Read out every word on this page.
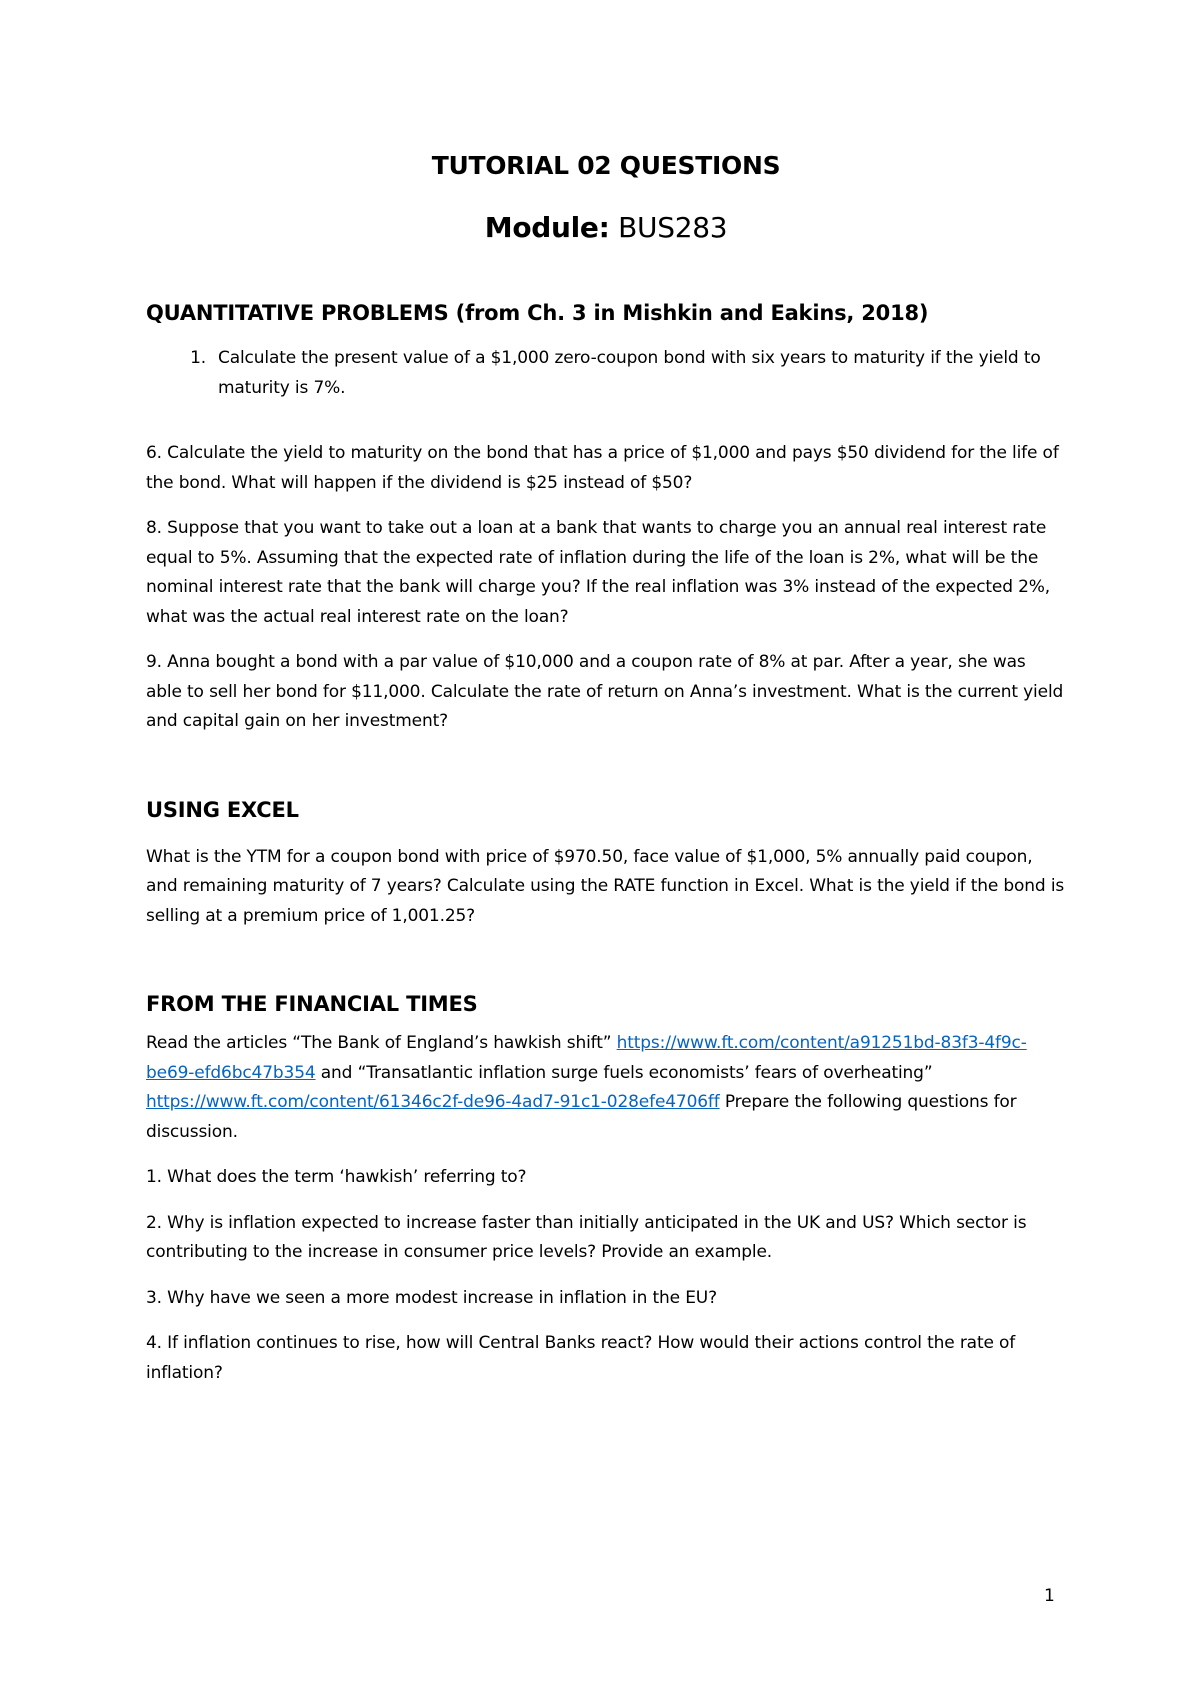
TUTORIAL 02 QUESTIONS
Module: BUS283
QUANTITATIVE PROBLEMS (from Ch. 3 in Mishkin and Eakins, 2018)

1. Calculate the present value of a $1,000 zero-coupon bond with six years to maturity if the yield to maturity is 7%.

6. Calculate the yield to maturity on the bond that has a price of $1,000 and pays $50 dividend for the life of the bond. What will happen if the dividend is $25 instead of $50?

8. Suppose that you want to take out a loan at a bank that wants to charge you an annual real interest rate equal to 5%. Assuming that the expected rate of inflation during the life of the loan is 2%, what will be the nominal interest rate that the bank will charge you? If the real inflation was 3% instead of the expected 2%, what was the actual real interest rate on the loan?

9. Anna bought a bond with a par value of $10,000 and a coupon rate of 8% at par. After a year, she was able to sell her bond for $11,000. Calculate the rate of return on Anna’s investment. What is the current yield and capital gain on her investment?

USING EXCEL

What is the YTM for a coupon bond with price of $970.50, face value of $1,000, 5% annually paid coupon, and remaining maturity of 7 years? Calculate using the RATE function in Excel. What is the yield if the bond is selling at a premium price of 1,001.25?

FROM THE FINANCIAL TIMES

Read the articles “The Bank of England’s hawkish shift” https://www.ft.com/content/a91251bd-83f3-4f9c-be69-efd6bc47b354 and “Transatlantic inflation surge fuels economists’ fears of overheating” https://www.ft.com/content/61346c2f-de96-4ad7-91c1-028efe4706ff Prepare the following questions for discussion.

1. What does the term ‘hawkish’ referring to?

2. Why is inflation expected to increase faster than initially anticipated in the UK and US? Which sector is contributing to the increase in consumer price levels? Provide an example.

3. Why have we seen a more modest increase in inflation in the EU?

4. If inflation continues to rise, how will Central Banks react? How would their actions control the rate of inflation?

1
